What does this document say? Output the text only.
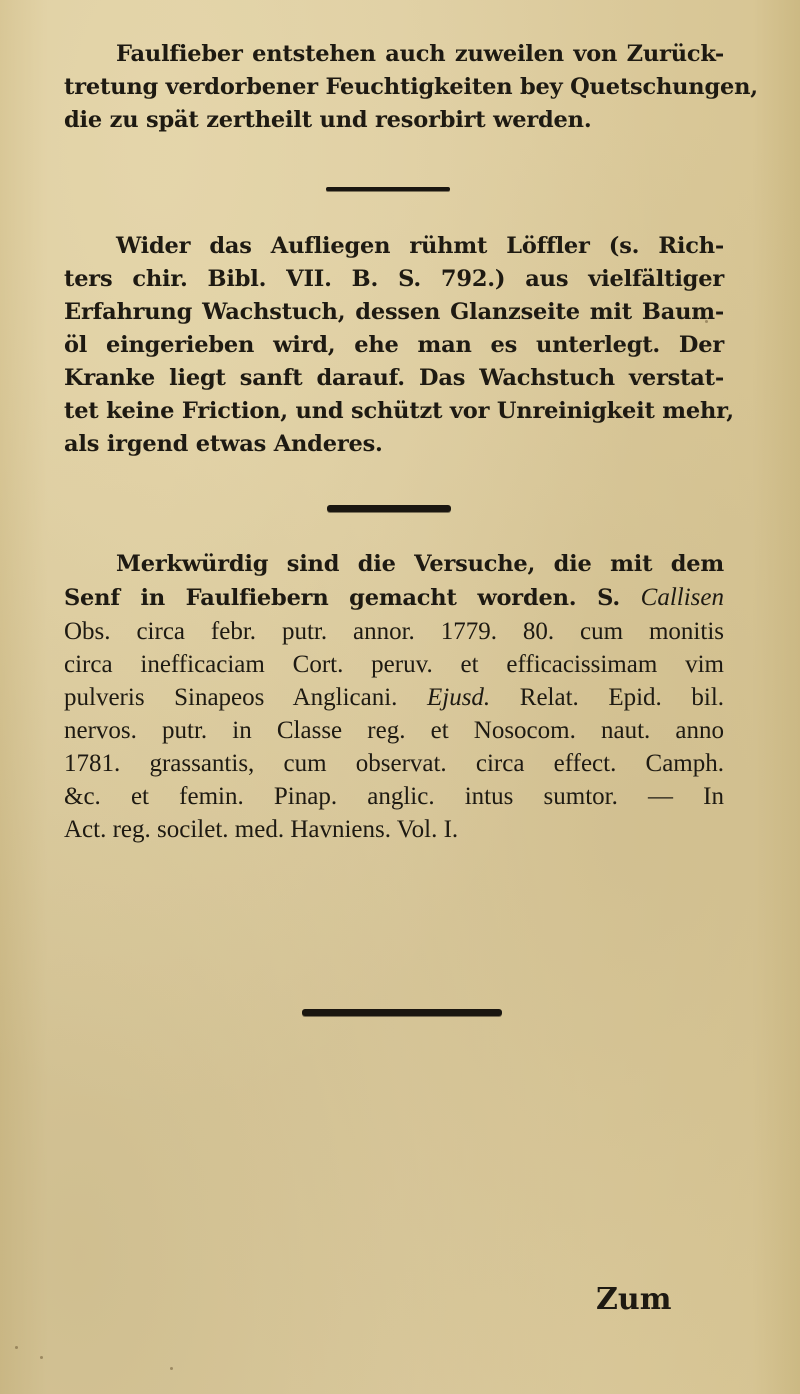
Faulfieber entstehen auch zuweilen von Zurück-
tretung verdorbener Feuchtigkeiten bey Quetschungen,
die zu spät zertheilt und resorbirt werden.
Wider das Aufliegen rühmt Löffler (s. Rich-
ters chir. Bibl. VII. B. S. 792.) aus vielfältiger
Erfahrung Wachstuch, dessen Glanzseite mit Baum-
öl eingerieben wird, ehe man es unterlegt. Der
Kranke liegt sanft darauf. Das Wachstuch verstat-
tet keine Friction, und schützt vor Unreinigkeit mehr,
als irgend etwas Anderes.
Merkwürdig sind die Versuche, die mit dem
Senf in Faulfiebern gemacht worden. S. Callisen
Obs. circa febr. putr. annor. 1779. 80. cum monitis
circa inefficaciam Cort. peruv. et efficacissimam vim
pulveris Sinapeos Anglicani. Ejusd. Relat. Epid. bil.
nervos. putr. in Classe reg. et Nosocom. naut. anno
1781. grassantis, cum observat. circa effect. Camph.
&c. et femin. Pinap. anglic. intus sumtor. — In
Act. reg. socilet. med. Havniens. Vol. I.
Zum
